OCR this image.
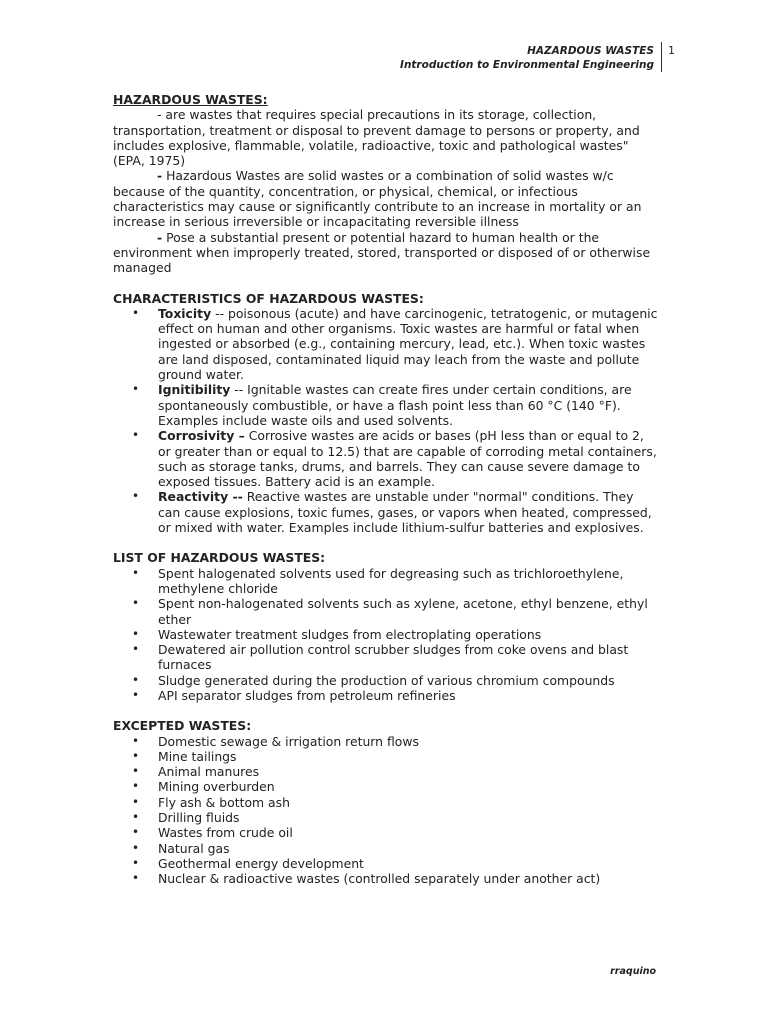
HAZARDOUS WASTES
Introduction to Environmental Engineering
1

HAZARDOUS WASTES:

- are wastes that requires special precautions in its storage, collection, transportation, treatment or disposal to prevent damage to persons or property, and includes explosive, flammable, volatile, radioactive, toxic and pathological wastes" (EPA, 1975)

- Hazardous Wastes are solid wastes or a combination of solid wastes w/c because of the quantity, concentration, or physical, chemical, or infectious characteristics may cause or significantly contribute to an increase in mortality or an increase in serious irreversible or incapacitating reversible illness

- Pose a substantial present or potential hazard to human health or the environment when improperly treated, stored, transported or disposed of or otherwise managed

CHARACTERISTICS OF HAZARDOUS WASTES:

• Toxicity -- poisonous (acute) and have carcinogenic, tetratogenic, or mutagenic effect on human and other organisms. Toxic wastes are harmful or fatal when ingested or absorbed (e.g., containing mercury, lead, etc.). When toxic wastes are land disposed, contaminated liquid may leach from the waste and pollute ground water.
• Ignitibility -- Ignitable wastes can create fires under certain conditions, are spontaneously combustible, or have a flash point less than 60 °C (140 °F). Examples include waste oils and used solvents.
• Corrosivity – Corrosive wastes are acids or bases (pH less than or equal to 2, or greater than or equal to 12.5) that are capable of corroding metal containers, such as storage tanks, drums, and barrels. They can cause severe damage to exposed tissues. Battery acid is an example.
• Reactivity -- Reactive wastes are unstable under "normal" conditions. They can cause explosions, toxic fumes, gases, or vapors when heated, compressed, or mixed with water. Examples include lithium-sulfur batteries and explosives.

LIST OF HAZARDOUS WASTES:

• Spent halogenated solvents used for degreasing such as trichloroethylene, methylene chloride
• Spent non-halogenated solvents such as xylene, acetone, ethyl benzene, ethyl ether
• Wastewater treatment sludges from electroplating operations
• Dewatered air pollution control scrubber sludges from coke ovens and blast furnaces
• Sludge generated during the production of various chromium compounds
• API separator sludges from petroleum refineries

EXCEPTED WASTES:

• Domestic sewage & irrigation return flows
• Mine tailings
• Animal manures
• Mining overburden
• Fly ash & bottom ash
• Drilling fluids
• Wastes from crude oil
• Natural gas
• Geothermal energy development
• Nuclear & radioactive wastes (controlled separately under another act)
rraquino
